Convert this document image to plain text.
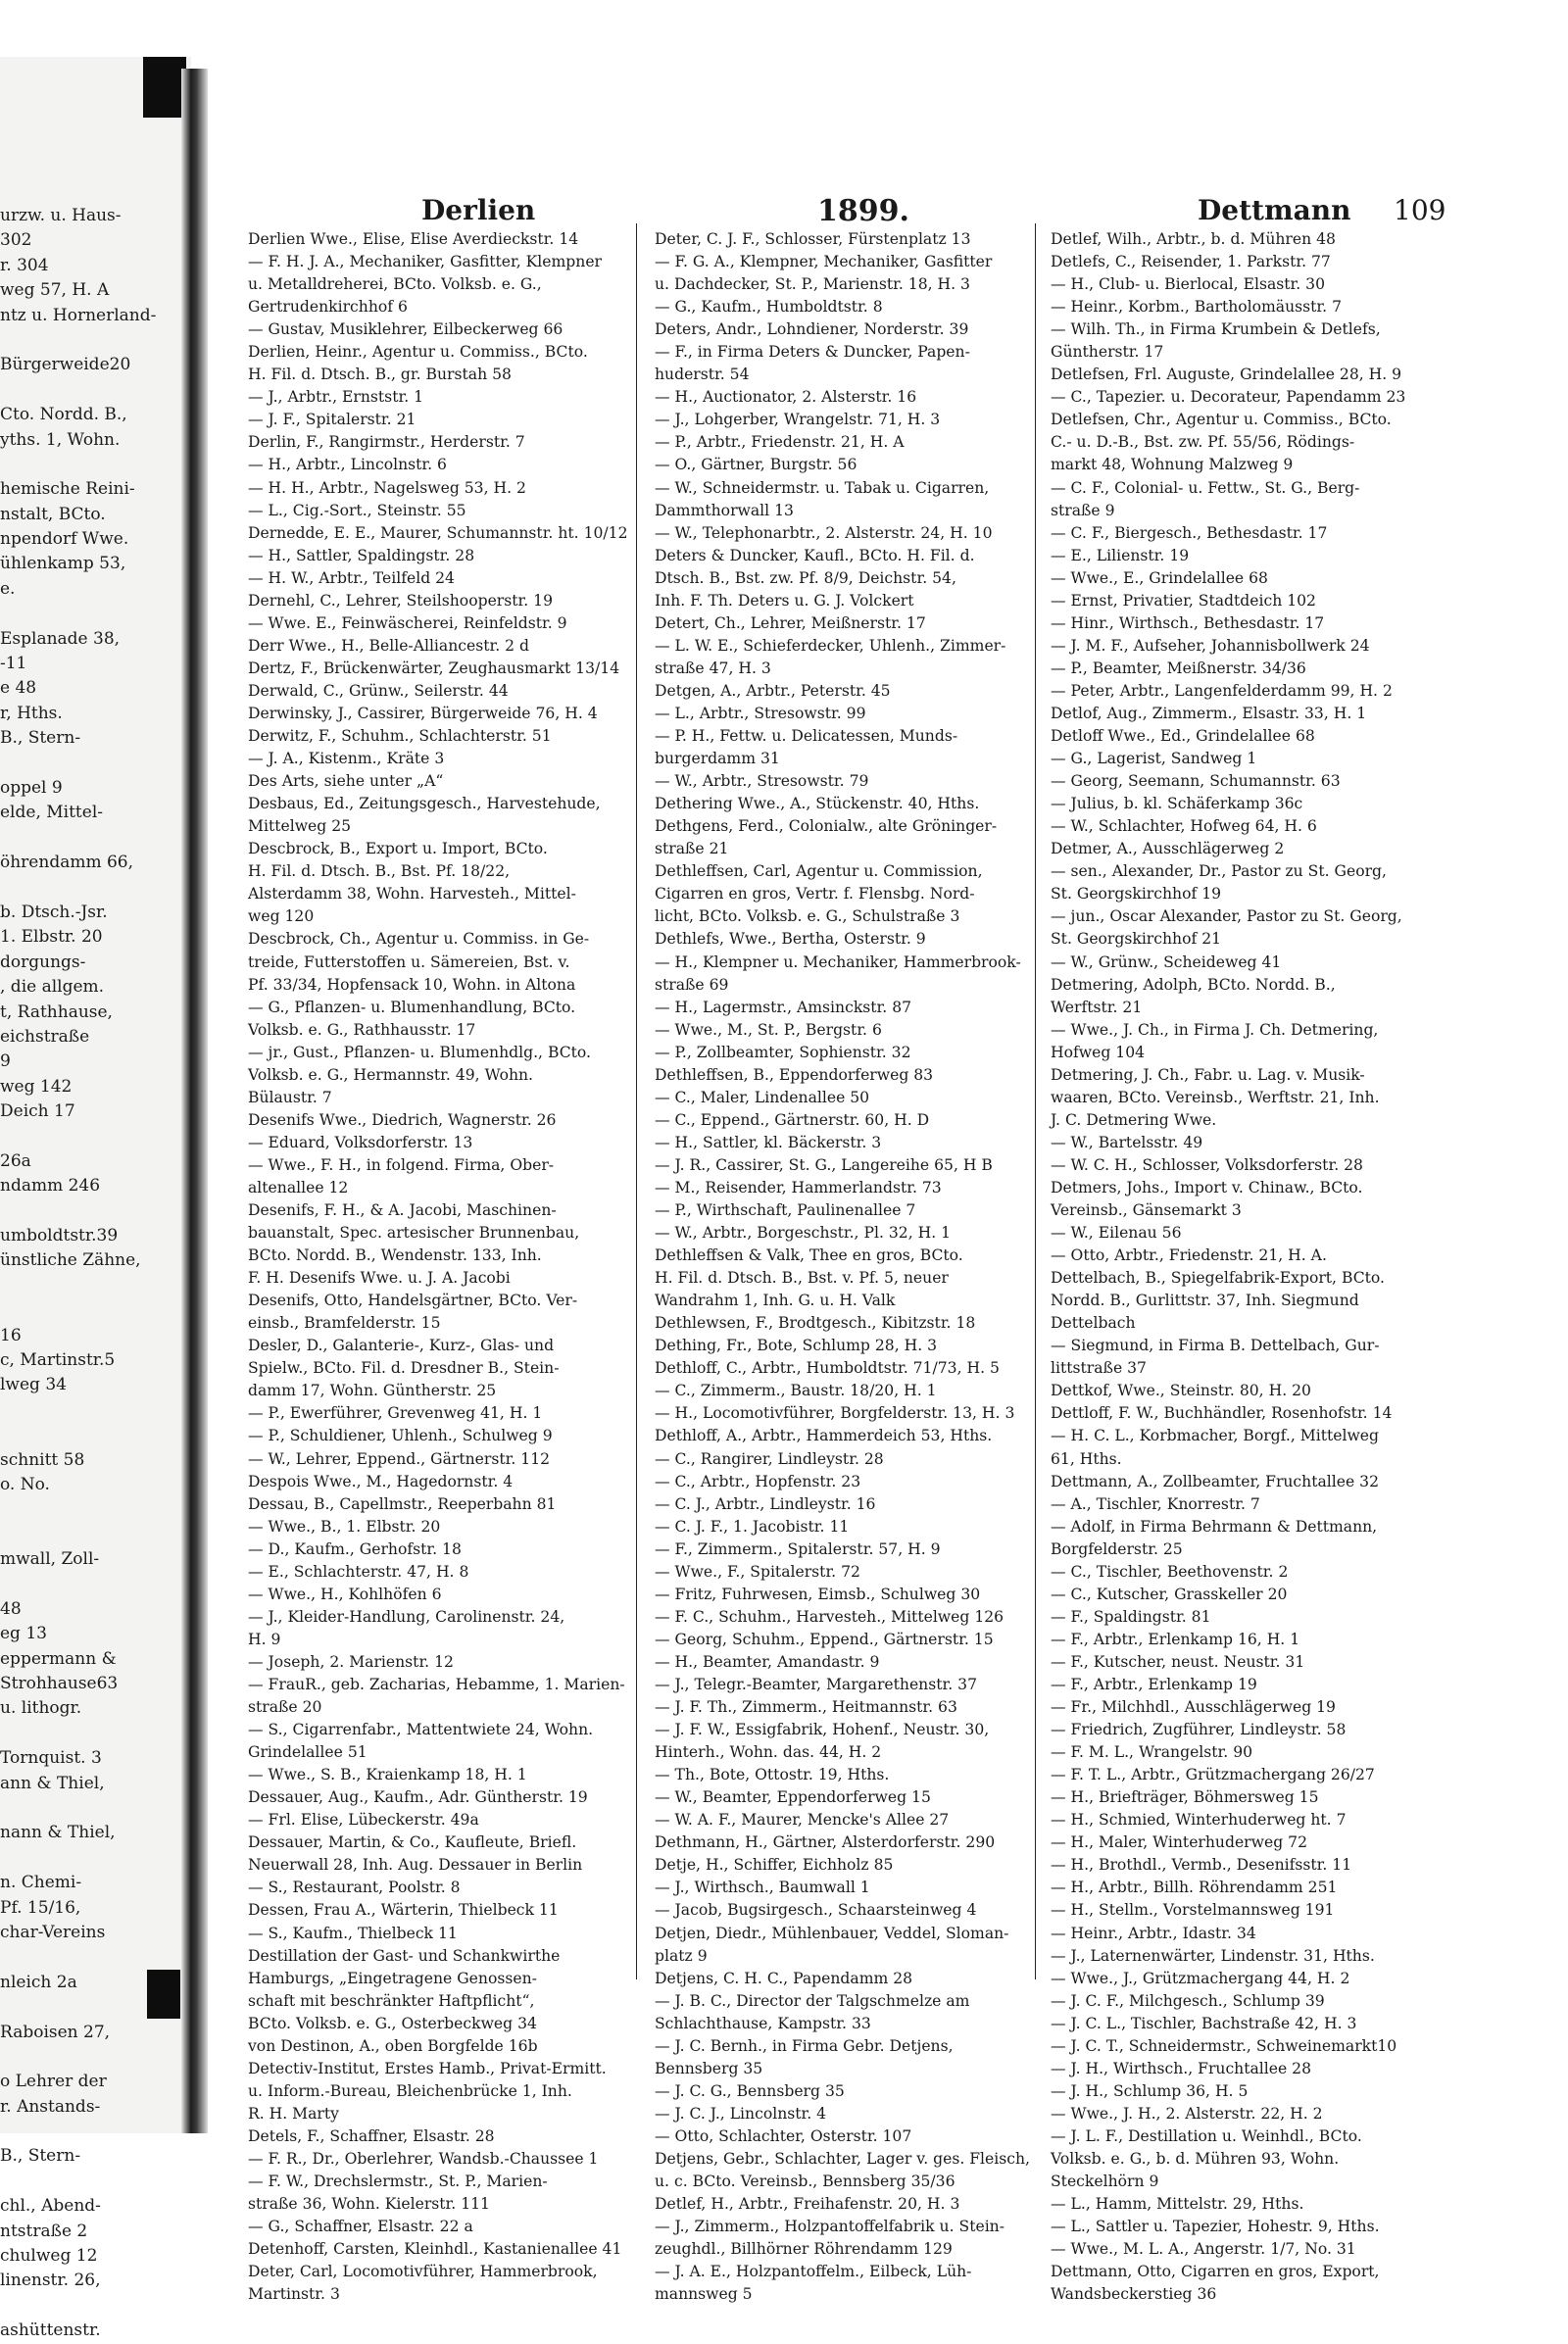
urzw. u. Haus-
302
r. 304
weg 57, H. A
ntz u. Hornerland-
Bürgerweide20
Cto. Nordd. B.,
yths. 1, Wohn.
hemische Reini-
nstalt, BCto.
npendorf Wwe.
ühlenkamp 53,
e.
Esplanade 38,
-11
e 48
r, Hths.
B., Stern-
oppel 9
elde, Mittel-
öhrendamm 66,
b. Dtsch.-Jsr.
1. Elbstr. 20
dorgungs-
, die allgem.
t, Rathhause,
eichstraße
9
weg 142
Deich 17
26a
ndamm 246
umboldtstr.39
ünstliche Zähne,
16
c, Martinstr.5
lweg 34
schnitt 58
o. No.
mwall, Zoll-
48
eg 13
eppermann &
Strohhause63
u. lithogr.
Tornquist. 3
ann & Thiel,
nann & Thiel,
n. Chemi-
Pf. 15/16,
char-Vereins
nleich 2a
Raboisen 27,
o Lehrer der
r. Anstands-
B., Stern-
chl., Abend-
ntstraße 2
chulweg 12
linenstr. 26,
ashüttenstr.
Derlien	1899.	Dettmann 109
Derlien Wwe., Elise, Elise Averdieckstr. 14
— F. H. J. A., Mechaniker, Gasfitter, Klempner
u. Metalldreherei, BCto. Volksb. e. G.,
Gertrudenkirchhof 6
— Gustav, Musiklehrer, Eilbeckerweg 66
Derlien, Heinr., Agentur u. Commiss., BCto.
H. Fil. d. Dtsch. B., gr. Burstah 58
— J., Arbtr., Ernststr. 1
— J. F., Spitalerstr. 21
Derlin, F., Rangirmstr., Herderstr. 7
— H., Arbtr., Lincolnstr. 6
— H. H., Arbtr., Nagelsweg 53, H. 2
— L., Cig.-Sort., Steinstr. 55
Dernedde, E. E., Maurer, Schumannstr. ht. 10/12
— H., Sattler, Spaldingstr. 28
— H. W., Arbtr., Teilfeld 24
Dernehl, C., Lehrer, Steilshooperstr. 19
— Wwe. E., Feinwäscherei, Reinfeldstr. 9
Derr Wwe., H., Belle-Alliancestr. 2 d
Dertz, F., Brückenwärter, Zeughausmarkt 13/14
Derwald, C., Grünw., Seilerstr. 44
Derwinsky, J., Cassirer, Bürgerweide 76, H. 4
Derwitz, F., Schuhm., Schlachterstr. 51
— J. A., Kistenm., Kräte 3
Des Arts, siehe unter „A“
Desbaus, Ed., Zeitungsgesch., Harvestehude,
Mittelweg 25
Descbrock, B., Export u. Import, BCto.
H. Fil. d. Dtsch. B., Bst. Pf. 18/22,
Alsterdamm 38, Wohn. Harvesteh., Mittel-
weg 120
Descbrock, Ch., Agentur u. Commiss. in Ge-
treide, Futterstoffen u. Sämereien, Bst. v.
Pf. 33/34, Hopfensack 10, Wohn. in Altona
— G., Pflanzen- u. Blumenhandlung, BCto.
Volksb. e. G., Rathhausstr. 17
— jr., Gust., Pflanzen- u. Blumenhdlg., BCto.
Volksb. e. G., Hermannstr. 49, Wohn.
Bülaustr. 7
Desenifs Wwe., Diedrich, Wagnerstr. 26
— Eduard, Volksdorferstr. 13
— Wwe., F. H., in folgend. Firma, Ober-
altenallee 12
Desenifs, F. H., & A. Jacobi, Maschinen-
bauanstalt, Spec. artesischer Brunnenbau,
BCto. Nordd. B., Wendenstr. 133, Inh.
F. H. Desenifs Wwe. u. J. A. Jacobi
Desenifs, Otto, Handelsgärtner, BCto. Ver-
einsb., Bramfelderstr. 15
Desler, D., Galanterie-, Kurz-, Glas- und
Spielw., BCto. Fil. d. Dresdner B., Stein-
damm 17, Wohn. Güntherstr. 25
— P., Ewerführer, Grevenweg 41, H. 1
— P., Schuldiener, Uhlenh., Schulweg 9
— W., Lehrer, Eppend., Gärtnerstr. 112
Despois Wwe., M., Hagedornstr. 4
Dessau, B., Capellmstr., Reeperbahn 81
— Wwe., B., 1. Elbstr. 20
— D., Kaufm., Gerhofstr. 18
— E., Schlachterstr. 47, H. 8
— Wwe., H., Kohlhöfen 6
— J., Kleider-Handlung, Carolinenstr. 24,
H. 9
— Joseph, 2. Marienstr. 12
— FrauR., geb. Zacharias, Hebamme, 1. Marien-
straße 20
— S., Cigarrenfabr., Mattentwiete 24, Wohn.
Grindelallee 51
— Wwe., S. B., Kraienkamp 18, H. 1
Dessauer, Aug., Kaufm., Adr. Güntherstr. 19
— Frl. Elise, Lübeckerstr. 49a
Dessauer, Martin, & Co., Kaufleute, Briefl.
Neuerwall 28, Inh. Aug. Dessauer in Berlin
— S., Restaurant, Poolstr. 8
Dessen, Frau A., Wärterin, Thielbeck 11
— S., Kaufm., Thielbeck 11
Destillation der Gast- und Schankwirthe
Hamburgs, „Eingetragene Genossen-
schaft mit beschränkter Haftpflicht“,
BCto. Volksb. e. G., Osterbeckweg 34
von Destinon, A., oben Borgfelde 16b
Detectiv-Institut, Erstes Hamb., Privat-Ermitt.
u. Inform.-Bureau, Bleichenbrücke 1, Inh.
R. H. Marty
Detels, F., Schaffner, Elsastr. 28
— F. R., Dr., Oberlehrer, Wandsb.-Chaussee 1
— F. W., Drechslermstr., St. P., Marien-
straße 36, Wohn. Kielerstr. 111
— G., Schaffner, Elsastr. 22 a
Detenhoff, Carsten, Kleinhdl., Kastanienallee 41
Deter, Carl, Locomotivführer, Hammerbrook,
Martinstr. 3
Deter, C. J. F., Schlosser, Fürstenplatz 13
— F. G. A., Klempner, Mechaniker, Gasfitter
u. Dachdecker, St. P., Marienstr. 18, H. 3
— G., Kaufm., Humboldtstr. 8
Deters, Andr., Lohndiener, Norderstr. 39
— F., in Firma Deters & Duncker, Papen-
huderstr. 54
— H., Auctionator, 2. Alsterstr. 16
— J., Lohgerber, Wrangelstr. 71, H. 3
— P., Arbtr., Friedenstr. 21, H. A
— O., Gärtner, Burgstr. 56
— W., Schneidermstr. u. Tabak u. Cigarren,
Dammthorwall 13
— W., Telephonarbtr., 2. Alsterstr. 24, H. 10
Deters & Duncker, Kaufl., BCto. H. Fil. d.
Dtsch. B., Bst. zw. Pf. 8/9, Deichstr. 54,
Inh. F. Th. Deters u. G. J. Volckert
Detert, Ch., Lehrer, Meißnerstr. 17
— L. W. E., Schieferdecker, Uhlenh., Zimmer-
straße 47, H. 3
Detgen, A., Arbtr., Peterstr. 45
— L., Arbtr., Stresowstr. 99
— P. H., Fettw. u. Delicatessen, Munds-
burgerdamm 31
— W., Arbtr., Stresowstr. 79
Dethering Wwe., A., Stückenstr. 40, Hths.
Dethgens, Ferd., Colonialw., alte Gröninger-
straße 21
Dethleffsen, Carl, Agentur u. Commission,
Cigarren en gros, Vertr. f. Flensbg. Nord-
licht, BCto. Volksb. e. G., Schulstraße 3
Dethlefs, Wwe., Bertha, Osterstr. 9
— H., Klempner u. Mechaniker, Hammerbrook-
straße 69
— H., Lagermstr., Amsinckstr. 87
— Wwe., M., St. P., Bergstr. 6
— P., Zollbeamter, Sophienstr. 32
Dethleffsen, B., Eppendorferweg 83
— C., Maler, Lindenallee 50
— C., Eppend., Gärtnerstr. 60, H. D
— H., Sattler, kl. Bäckerstr. 3
— J. R., Cassirer, St. G., Langereihe 65, H B
— M., Reisender, Hammerlandstr. 73
— P., Wirthschaft, Paulinenallee 7
— W., Arbtr., Borgeschstr., Pl. 32, H. 1
Dethleffsen & Valk, Thee en gros, BCto.
H. Fil. d. Dtsch. B., Bst. v. Pf. 5, neuer
Wandrahm 1, Inh. G. u. H. Valk
Dethlewsen, F., Brodtgesch., Kibitzstr. 18
Dething, Fr., Bote, Schlump 28, H. 3
Dethloff, C., Arbtr., Humboldtstr. 71/73, H. 5
— C., Zimmerm., Baustr. 18/20, H. 1
— H., Locomotivführer, Borgfelderstr. 13, H. 3
Dethloff, A., Arbtr., Hammerdeich 53, Hths.
— C., Rangirer, Lindleystr. 28
— C., Arbtr., Hopfenstr. 23
— C. J., Arbtr., Lindleystr. 16
— C. J. F., 1. Jacobistr. 11
— F., Zimmerm., Spitalerstr. 57, H. 9
— Wwe., F., Spitalerstr. 72
— Fritz, Fuhrwesen, Eimsb., Schulweg 30
— F. C., Schuhm., Harvesteh., Mittelweg 126
— Georg, Schuhm., Eppend., Gärtnerstr. 15
— H., Beamter, Amandastr. 9
— J., Telegr.-Beamter, Margarethenstr. 37
— J. F. Th., Zimmerm., Heitmannstr. 63
— J. F. W., Essigfabrik, Hohenf., Neustr. 30,
Hinterh., Wohn. das. 44, H. 2
— Th., Bote, Ottostr. 19, Hths.
— W., Beamter, Eppendorferweg 15
— W. A. F., Maurer, Mencke's Allee 27
Dethmann, H., Gärtner, Alsterdorferstr. 290
Detje, H., Schiffer, Eichholz 85
— J., Wirthsch., Baumwall 1
— Jacob, Bugsirgesch., Schaarsteinweg 4
Detjen, Diedr., Mühlenbauer, Veddel, Sloman-
platz 9
Detjens, C. H. C., Papendamm 28
— J. B. C., Director der Talgschmelze am
Schlachthause, Kampstr. 33
— J. C. Bernh., in Firma Gebr. Detjens,
Bennsberg 35
— J. C. G., Bennsberg 35
— J. C. J., Lincolnstr. 4
— Otto, Schlachter, Osterstr. 107
Detjens, Gebr., Schlachter, Lager v. ges. Fleisch,
u. c. BCto. Vereinsb., Bennsberg 35/36
Detlef, H., Arbtr., Freihafenstr. 20, H. 3
— J., Zimmerm., Holzpantoffelfabrik u. Stein-
zeughdl., Billhörner Röhrendamm 129
— J. A. E., Holzpantoffelm., Eilbeck, Lüh-
mannsweg 5
Detlef, Wilh., Arbtr., b. d. Mühren 48
Detlefs, C., Reisender, 1. Parkstr. 77
— H., Club- u. Bierlocal, Elsastr. 30
— Heinr., Korbm., Bartholomäusstr. 7
— Wilh. Th., in Firma Krumbein & Detlefs,
Güntherstr. 17
Detlefsen, Frl. Auguste, Grindelallee 28, H. 9
— C., Tapezier. u. Decorateur, Papendamm 23
Detlefsen, Chr., Agentur u. Commiss., BCto.
C.- u. D.-B., Bst. zw. Pf. 55/56, Rödings-
markt 48, Wohnung Malzweg 9
— C. F., Colonial- u. Fettw., St. G., Berg-
straße 9
— C. F., Biergesch., Bethesdastr. 17
— E., Lilienstr. 19
— Wwe., E., Grindelallee 68
— Ernst, Privatier, Stadtdeich 102
— Hinr., Wirthsch., Bethesdastr. 17
— J. M. F., Aufseher, Johannisbollwerk 24
— P., Beamter, Meißnerstr. 34/36
— Peter, Arbtr., Langenfelderdamm 99, H. 2
Detlof, Aug., Zimmerm., Elsastr. 33, H. 1
Detloff Wwe., Ed., Grindelallee 68
— G., Lagerist, Sandweg 1
— Georg, Seemann, Schumannstr. 63
— Julius, b. kl. Schäferkamp 36c
— W., Schlachter, Hofweg 64, H. 6
Detmer, A., Ausschlägerweg 2
— sen., Alexander, Dr., Pastor zu St. Georg,
St. Georgskirchhof 19
— jun., Oscar Alexander, Pastor zu St. Georg,
St. Georgskirchhof 21
— W., Grünw., Scheideweg 41
Detmering, Adolph, BCto. Nordd. B.,
Werftstr. 21
— Wwe., J. Ch., in Firma J. Ch. Detmering,
Hofweg 104
Detmering, J. Ch., Fabr. u. Lag. v. Musik-
waaren, BCto. Vereinsb., Werftstr. 21, Inh.
J. C. Detmering Wwe.
— W., Bartelsstr. 49
— W. C. H., Schlosser, Volksdorferstr. 28
Detmers, Johs., Import v. Chinaw., BCto.
Vereinsb., Gänsemarkt 3
— W., Eilenau 56
— Otto, Arbtr., Friedenstr. 21, H. A.
Dettelbach, B., Spiegelfabrik-Export, BCto.
Nordd. B., Gurlittstr. 37, Inh. Siegmund
Dettelbach
— Siegmund, in Firma B. Dettelbach, Gur-
littstraße 37
Dettkof, Wwe., Steinstr. 80, H. 20
Dettloff, F. W., Buchhändler, Rosenhofstr. 14
— H. C. L., Korbmacher, Borgf., Mittelweg
61, Hths.
Dettmann, A., Zollbeamter, Fruchtallee 32
— A., Tischler, Knorrestr. 7
— Adolf, in Firma Behrmann & Dettmann,
Borgfelderstr. 25
— C., Tischler, Beethovenstr. 2
— C., Kutscher, Grasskeller 20
— F., Spaldingstr. 81
— F., Arbtr., Erlenkamp 16, H. 1
— F., Kutscher, neust. Neustr. 31
— F., Arbtr., Erlenkamp 19
— Fr., Milchhdl., Ausschlägerweg 19
— Friedrich, Zugführer, Lindleystr. 58
— F. M. L., Wrangelstr. 90
— F. T. L., Arbtr., Grützmachergang 26/27
— H., Briefträger, Böhmersweg 15
— H., Schmied, Winterhuderweg ht. 7
— H., Maler, Winterhuderweg 72
— H., Brothdl., Vermb., Desenifsstr. 11
— H., Arbtr., Billh. Röhrendamm 251
— H., Stellm., Vorstelmannsweg 191
— Heinr., Arbtr., Idastr. 34
— J., Laternenwärter, Lindenstr. 31, Hths.
— Wwe., J., Grützmachergang 44, H. 2
— J. C. F., Milchgesch., Schlump 39
— J. C. L., Tischler, Bachstraße 42, H. 3
— J. C. T., Schneidermstr., Schweinemarkt10
— J. H., Wirthsch., Fruchtallee 28
— J. H., Schlump 36, H. 5
— Wwe., J. H., 2. Alsterstr. 22, H. 2
— J. L. F., Destillation u. Weinhdl., BCto.
Volksb. e. G., b. d. Mühren 93, Wohn.
Steckelhörn 9
— L., Hamm, Mittelstr. 29, Hths.
— L., Sattler u. Tapezier, Hohestr. 9, Hths.
— Wwe., M. L. A., Angerstr. 1/7, No. 31
Dettmann, Otto, Cigarren en gros, Export,
Wandsbeckerstieg 36
